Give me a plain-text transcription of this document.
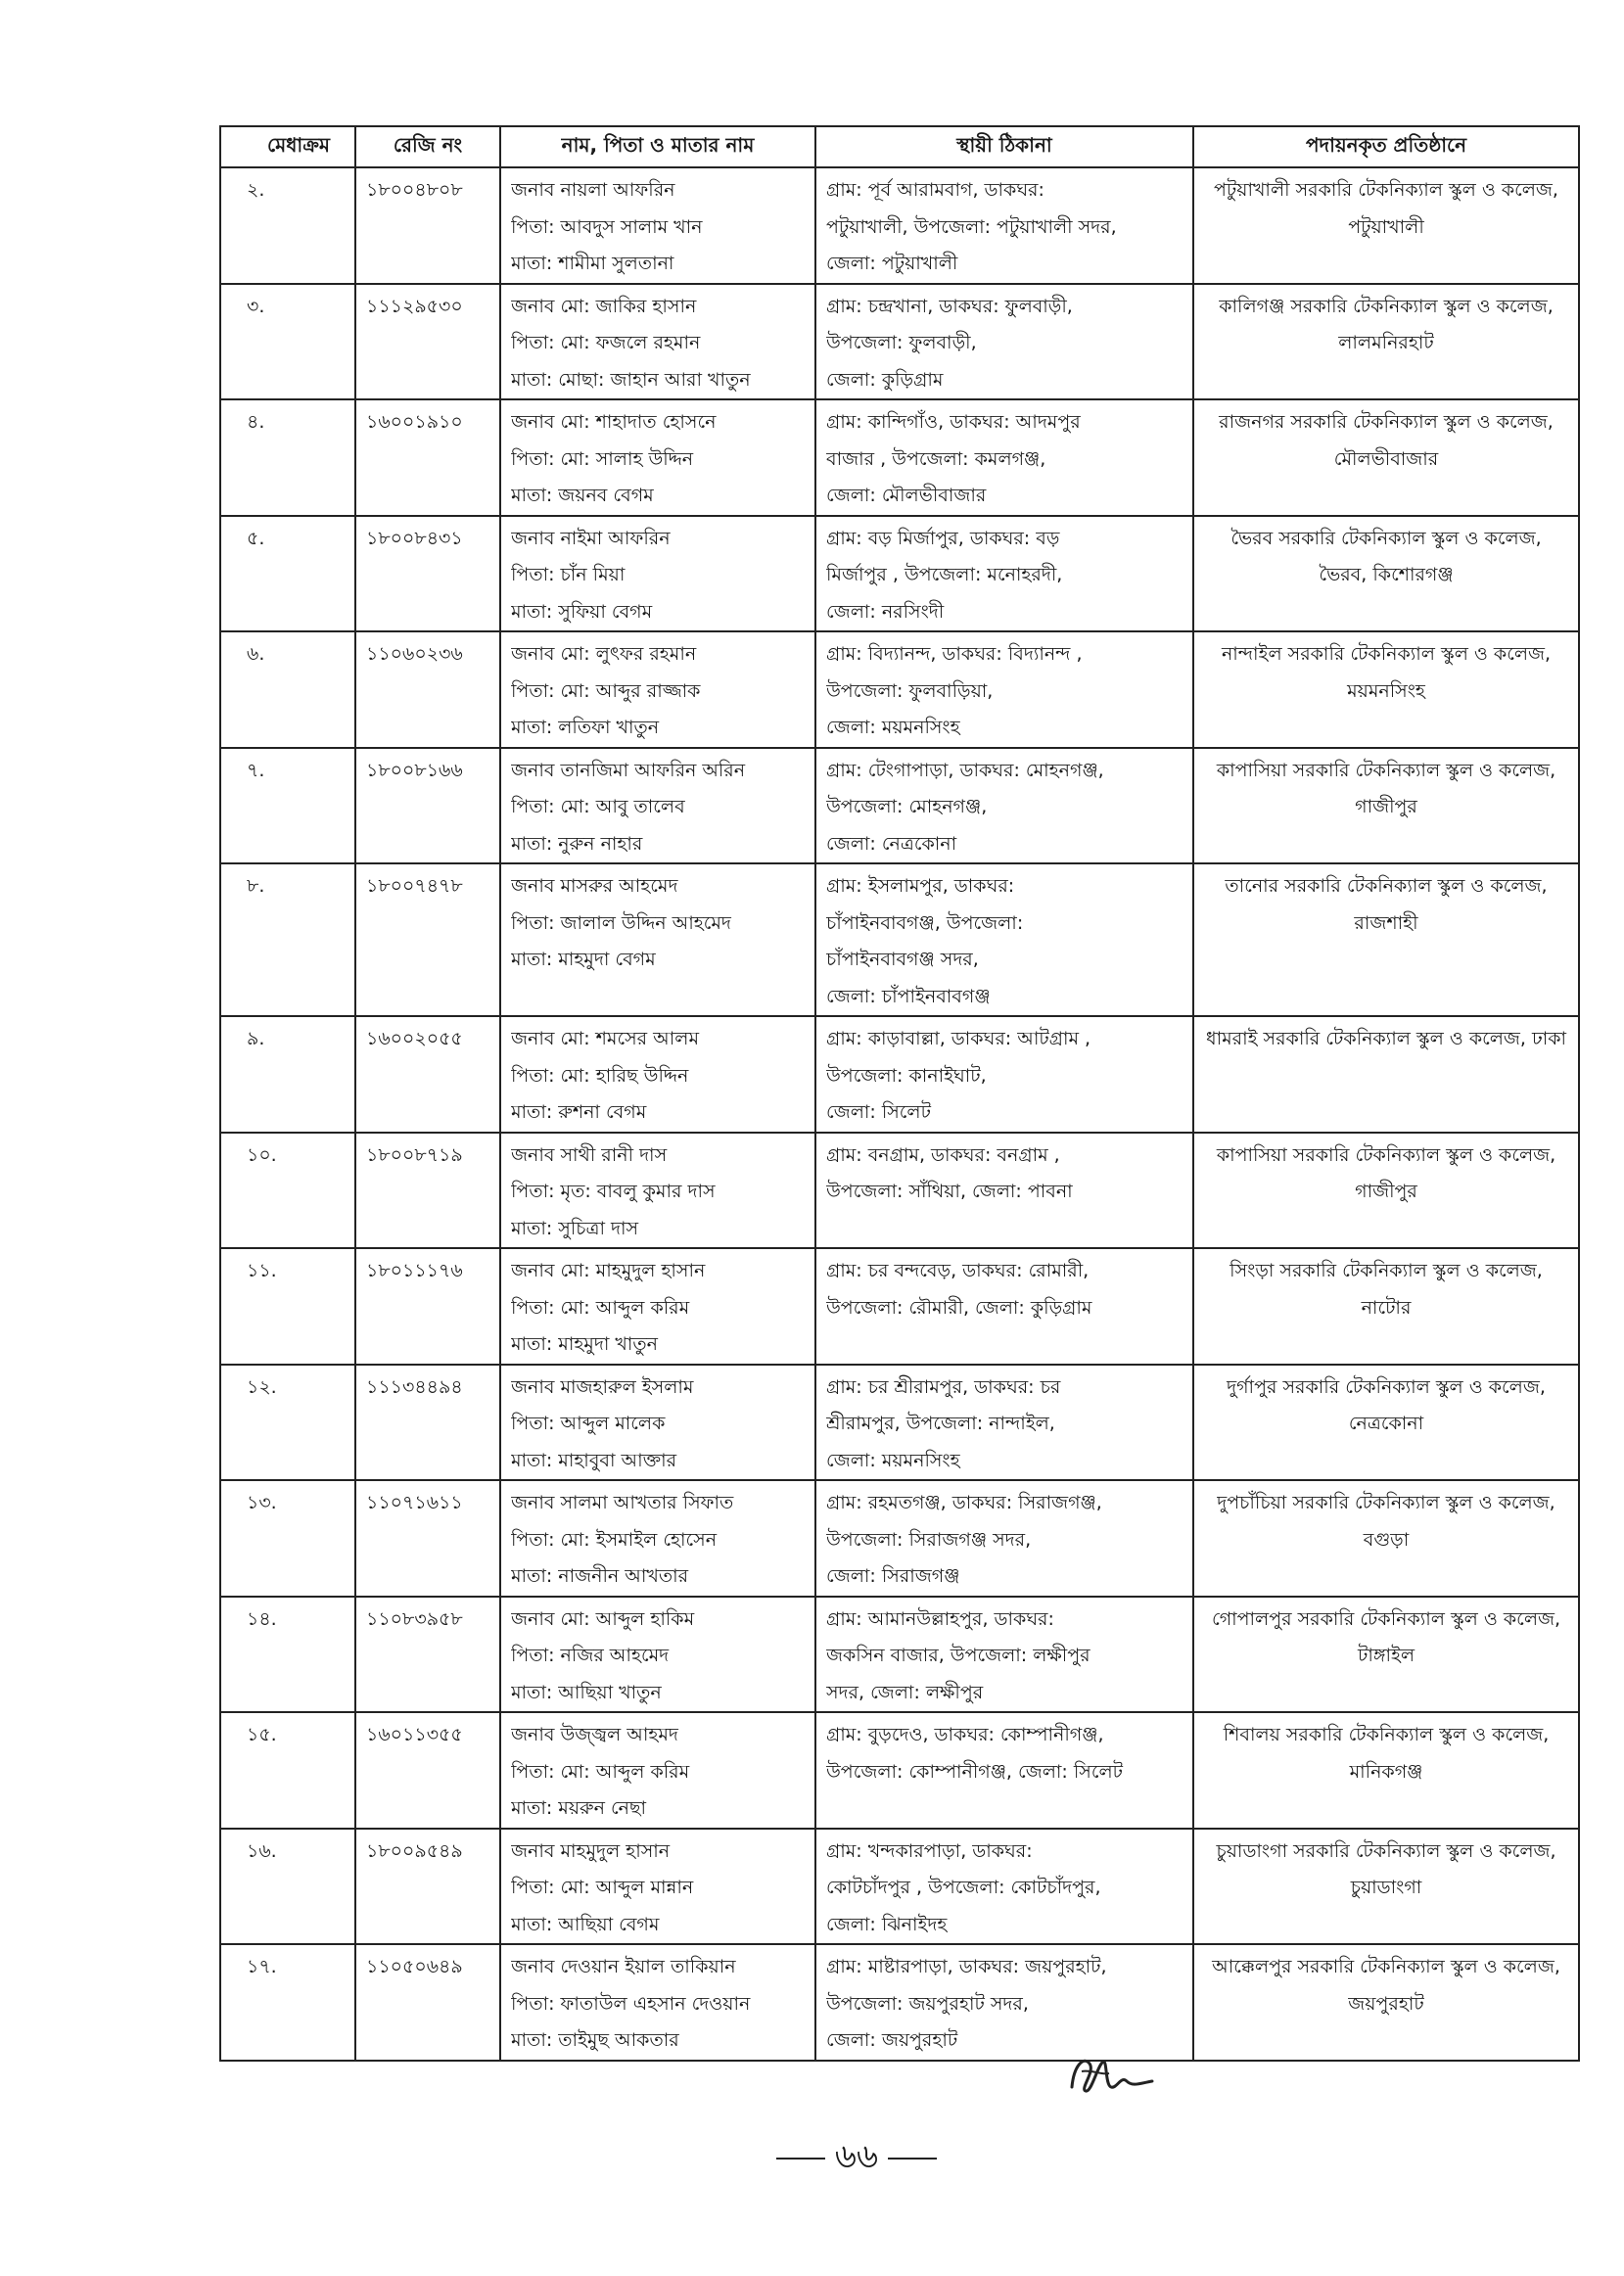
মেধাক্রম	রেজি নং	নাম, পিতা ও মাতার নাম	স্থায়ী ঠিকানা	পদায়নকৃত প্রতিষ্ঠানে

২.	১৮০০৪৮০৮	জনাব নায়লা আফরিন
পিতা: আবদুস সালাম খান
মাতা: শামীমা সুলতানা	গ্রাম: পূর্ব আরামবাগ, ডাকঘর:
পটুয়াখালী, উপজেলা: পটুয়াখালী সদর,
জেলা: পটুয়াখালী	পটুয়াখালী সরকারি টেকনিক্যাল স্কুল ও কলেজ, পটুয়াখালী

৩.	১১১২৯৫৩০	জনাব মো: জাকির হাসান
পিতা: মো: ফজলে রহমান
মাতা: মোছা: জাহান আরা খাতুন	গ্রাম: চন্দ্রখানা, ডাকঘর: ফুলবাড়ী,
উপজেলা: ফুলবাড়ী,
জেলা: কুড়িগ্রাম	কালিগঞ্জ সরকারি টেকনিক্যাল স্কুল ও কলেজ, লালমনিরহাট

৪.	১৬০০১৯১০	জনাব মো: শাহাদাত হোসনে
পিতা: মো: সালাহ উদ্দিন
মাতা: জয়নব বেগম	গ্রাম: কান্দিগাঁও, ডাকঘর: আদমপুর
বাজার , উপজেলা: কমলগঞ্জ,
জেলা: মৌলভীবাজার	রাজনগর সরকারি টেকনিক্যাল স্কুল ও কলেজ, মৌলভীবাজার

৫.	১৮০০৮৪৩১	জনাব নাইমা আফরিন
পিতা: চাঁন মিয়া
মাতা: সুফিয়া বেগম	গ্রাম: বড় মির্জাপুর, ডাকঘর: বড়
মির্জাপুর , উপজেলা: মনোহরদী,
জেলা: নরসিংদী	ভৈরব সরকারি টেকনিক্যাল স্কুল ও কলেজ, ভৈরব, কিশোরগঞ্জ

৬.	১১০৬০২৩৬	জনাব মো: লুৎফর রহমান
পিতা: মো: আব্দুর রাজ্জাক
মাতা: লতিফা খাতুন	গ্রাম: বিদ্যানন্দ, ডাকঘর: বিদ্যানন্দ ,
উপজেলা: ফুলবাড়িয়া,
জেলা: ময়মনসিংহ	নান্দাইল সরকারি টেকনিক্যাল স্কুল ও কলেজ, ময়মনসিংহ

৭.	১৮০০৮১৬৬	জনাব তানজিমা আফরিন অরিন
পিতা: মো: আবু তালেব
মাতা: নুরুন নাহার	গ্রাম: টেংগাপাড়া, ডাকঘর: মোহনগঞ্জ,
উপজেলা: মোহনগঞ্জ,
জেলা: নেত্রকোনা	কাপাসিয়া সরকারি টেকনিক্যাল স্কুল ও কলেজ, গাজীপুর

৮.	১৮০০৭৪৭৮	জনাব মাসরুর আহমেদ
পিতা: জালাল উদ্দিন আহমেদ
মাতা: মাহমুদা বেগম	গ্রাম: ইসলামপুর, ডাকঘর:
চাঁপাইনবাবগঞ্জ, উপজেলা:
চাঁপাইনবাবগঞ্জ সদর,
জেলা: চাঁপাইনবাবগঞ্জ	তানোর সরকারি টেকনিক্যাল স্কুল ও কলেজ, রাজশাহী

৯.	১৬০০২০৫৫	জনাব মো: শমসের আলম
পিতা: মো: হারিছ উদ্দিন
মাতা: রুশনা বেগম	গ্রাম: কাড়াবাল্লা, ডাকঘর: আটগ্রাম ,
উপজেলা: কানাইঘাট,
জেলা: সিলেট	ধামরাই সরকারি টেকনিক্যাল স্কুল ও কলেজ, ঢাকা

১০.	১৮০০৮৭১৯	জনাব সাথী রানী দাস
পিতা: মৃত: বাবলু কুমার দাস
মাতা: সুচিত্রা দাস	গ্রাম: বনগ্রাম, ডাকঘর: বনগ্রাম ,
উপজেলা: সাঁথিয়া, জেলা: পাবনা	কাপাসিয়া সরকারি টেকনিক্যাল স্কুল ও কলেজ, গাজীপুর

১১.	১৮০১১১৭৬	জনাব মো: মাহমুদুল হাসান
পিতা: মো: আব্দুল করিম
মাতা: মাহমুদা খাতুন	গ্রাম: চর বন্দবেড়, ডাকঘর: রোমারী,
উপজেলা: রৌমারী, জেলা: কুড়িগ্রাম	সিংড়া সরকারি টেকনিক্যাল স্কুল ও কলেজ, নাটোর

১২.	১১১৩৪৪৯৪	জনাব মাজহারুল ইসলাম
পিতা: আব্দুল মালেক
মাতা: মাহাবুবা আক্তার	গ্রাম: চর শ্রীরামপুর, ডাকঘর: চর
শ্রীরামপুর, উপজেলা: নান্দাইল,
জেলা: ময়মনসিংহ	দুর্গাপুর সরকারি টেকনিক্যাল স্কুল ও কলেজ, নেত্রকোনা

১৩.	১১০৭১৬১১	জনাব সালমা আখতার সিফাত
পিতা: মো: ইসমাইল হোসেন
মাতা: নাজনীন আখতার	গ্রাম: রহমতগঞ্জ, ডাকঘর: সিরাজগঞ্জ,
উপজেলা: সিরাজগঞ্জ সদর,
জেলা: সিরাজগঞ্জ	দুপচাঁচিয়া সরকারি টেকনিক্যাল স্কুল ও কলেজ, বগুড়া

১৪.	১১০৮৩৯৫৮	জনাব মো: আব্দুল হাকিম
পিতা: নজির আহমেদ
মাতা: আছিয়া খাতুন	গ্রাম: আমানউল্লাহপুর, ডাকঘর:
জকসিন বাজার, উপজেলা: লক্ষীপুর
সদর, জেলা: লক্ষীপুর	গোপালপুর সরকারি টেকনিক্যাল স্কুল ও কলেজ, টাঙ্গাইল

১৫.	১৬০১১৩৫৫	জনাব উজ্জ্বল আহমদ
পিতা: মো: আব্দুল করিম
মাতা: ময়রুন নেছা	গ্রাম: বুড়দেও, ডাকঘর: কোম্পানীগঞ্জ,
উপজেলা: কোম্পানীগঞ্জ, জেলা: সিলেট	শিবালয় সরকারি টেকনিক্যাল স্কুল ও কলেজ, মানিকগঞ্জ

১৬.	১৮০০৯৫৪৯	জনাব মাহমুদুল হাসান
পিতা: মো: আব্দুল মান্নান
মাতা: আছিয়া বেগম	গ্রাম: খন্দকারপাড়া, ডাকঘর:
কোটচাঁদপুর , উপজেলা: কোটচাঁদপুর,
জেলা: ঝিনাইদহ	চুয়াডাংগা সরকারি টেকনিক্যাল স্কুল ও কলেজ, চুয়াডাংগা

১৭.	১১০৫০৬৪৯	জনাব দেওয়ান ইয়াল তাকিয়ান
পিতা: ফাতাউল এহসান দেওয়ান
মাতা: তাইমুছ আকতার	গ্রাম: মাষ্টারপাড়া, ডাকঘর: জয়পুরহাট,
উপজেলা: জয়পুরহাট সদর,
জেলা: জয়পুরহাট	আক্কেলপুর সরকারি টেকনিক্যাল স্কুল ও কলেজ, জয়পুরহাট
৬৬
